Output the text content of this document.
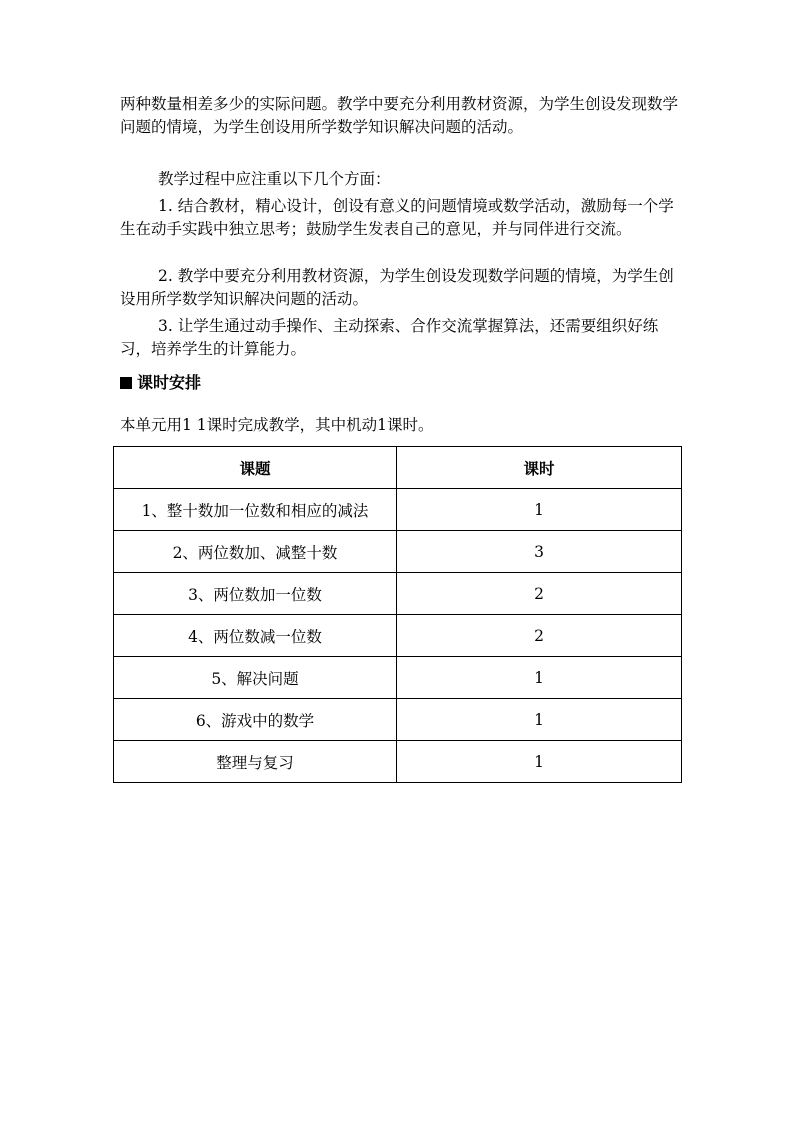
两种数量相差多少的实际问题。教学中要充分利用教材资源，为学生创设发现数学问题的情境，为学生创设用所学数学知识解决问题的活动。

教学过程中应注重以下几个方面：

1. 结合教材，精心设计，创设有意义的问题情境或数学活动，激励每一个学生在动手实践中独立思考；鼓励学生发表自己的意见，并与同伴进行交流。

2. 教学中要充分利用教材资源，为学生创设发现数学问题的情境，为学生创设用所学数学知识解决问题的活动。

3. 让学生通过动手操作、主动探索、合作交流掌握算法，还需要组织好练习，培养学生的计算能力。

课时安排
本单元用1 1课时完成教学，其中机动1课时。
课题	课时
1、整十数加一位数和相应的减法	1
2、两位数加、减整十数	3
3、两位数加一位数	2
4、两位数减一位数	2
5、解决问题	1
6、游戏中的数学	1
整理与复习	1
